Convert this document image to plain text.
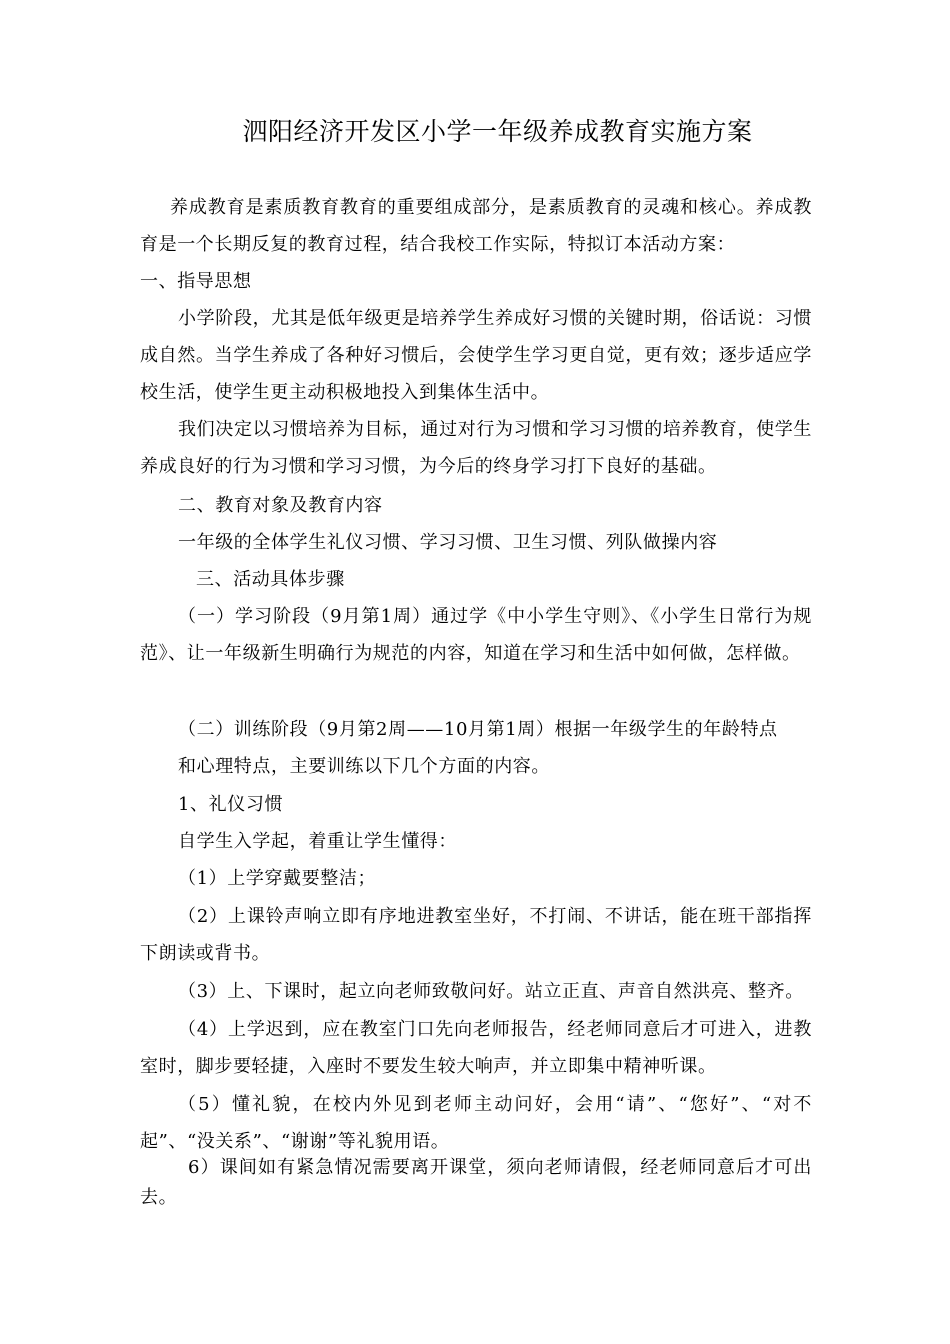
泗阳经济开发区小学一年级养成教育实施方案

养成教育是素质教育教育的重要组成部分，是素质教育的灵魂和核心。养成教育是一个长期反复的教育过程，结合我校工作实际，特拟订本活动方案：

一、指导思想

小学阶段，尤其是低年级更是培养学生养成好习惯的关键时期，俗话说：习惯成自然。当学生养成了各种好习惯后，会使学生学习更自觉，更有效；逐步适应学校生活，使学生更主动积极地投入到集体生活中。

我们决定以习惯培养为目标，通过对行为习惯和学习习惯的培养教育，使学生养成良好的行为习惯和学习习惯，为今后的终身学习打下良好的基础。

二、教育对象及教育内容

一年级的全体学生礼仪习惯、学习习惯、卫生习惯、列队做操内容

三、活动具体步骤

（一）学习阶段（9月第1周）通过学《中小学生守则》、《小学生日常行为规范》、让一年级新生明确行为规范的内容，知道在学习和生活中如何做，怎样做。

（二）训练阶段（9月第2周——10月第1周）根据一年级学生的年龄特点

和心理特点，主要训练以下几个方面的内容。

1、礼仪习惯

自学生入学起，着重让学生懂得：

（1）上学穿戴要整洁；

（2）上课铃声响立即有序地进教室坐好，不打闹、不讲话，能在班干部指挥下朗读或背书。

（3）上、下课时，起立向老师致敬问好。站立正直、声音自然洪亮、整齐。

（4）上学迟到，应在教室门口先向老师报告，经老师同意后才可进入，进教室时，脚步要轻捷，入座时不要发生较大响声，并立即集中精神听课。

（5）懂礼貌，在校内外见到老师主动问好，会用“请”、“您好”、“对不起”、“没关系”、“谢谢”等礼貌用语。

6）课间如有紧急情况需要离开课堂，须向老师请假，经老师同意后才可出去。
